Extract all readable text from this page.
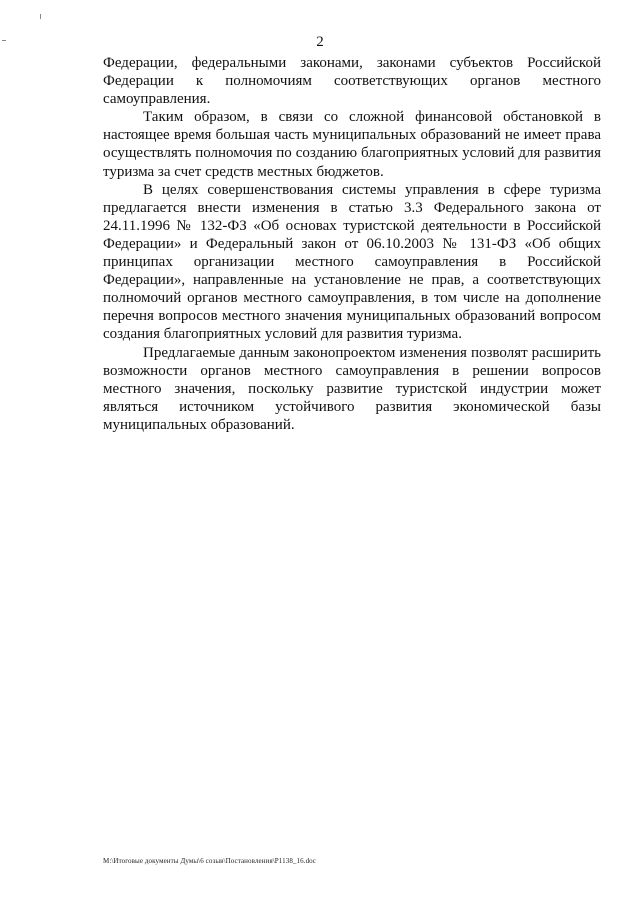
2

Федерации, федеральными законами, законами субъектов Российской Федерации к полномочиям соответствующих органов местного самоуправления.

Таким образом, в связи со сложной финансовой обстановкой в настоящее время большая часть муниципальных образований не имеет права осуществлять полномочия по созданию благоприятных условий для развития туризма за счет средств местных бюджетов.

В целях совершенствования системы управления в сфере туризма предлагается внести изменения в статью 3.3 Федерального закона от 24.11.1996 № 132-ФЗ «Об основах туристской деятельности в Российской Федерации» и Федеральный закон от 06.10.2003 № 131-ФЗ «Об общих принципах организации местного самоуправления в Российской Федерации», направленные на установление не прав, а соответствующих полномочий органов местного самоуправления, в том числе на дополнение перечня вопросов местного значения муниципальных образований вопросом создания благоприятных условий для развития туризма.

Предлагаемые данным законопроектом изменения позволят расширить возможности органов местного самоуправления в решении вопросов местного значения, поскольку развитие туристской индустрии может являться источником устойчивого развития экономической базы муниципальных образований.

M:\Итоговые документы Думы\6 созыв\Постановления\P1138_16.doc
